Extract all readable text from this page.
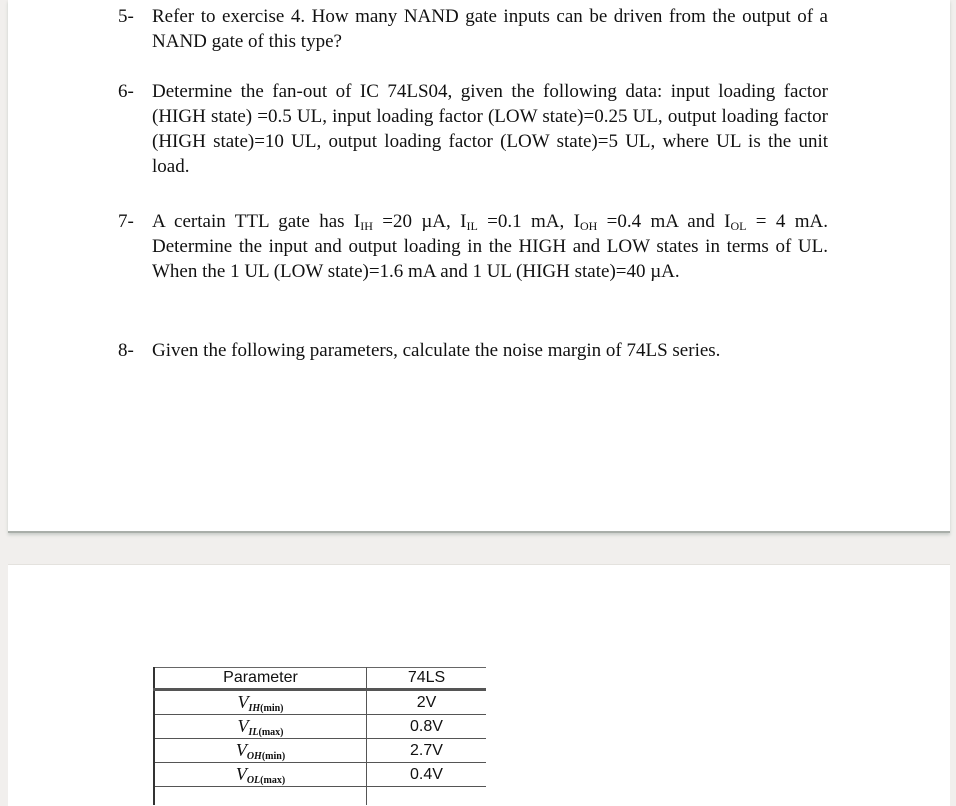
5- Refer to exercise 4. How many NAND gate inputs can be driven from the output of a NAND gate of this type?
6- Determine the fan-out of IC 74LS04, given the following data: input loading factor (HIGH state) =0.5 UL, input loading factor (LOW state)=0.25 UL, output loading factor (HIGH state)=10 UL, output loading factor (LOW state)=5 UL, where UL is the unit load.
7- A certain TTL gate has $I_{IH} =20$ µA, $I_{IL} =0.1$ mA, $I_{OH} =0.4$ mA and $I_{OL} = 4$ mA. Determine the input and output loading in the HIGH and LOW states in terms of UL. When the 1 UL (LOW state)=1.6 mA and 1 UL (HIGH state)=40 µA.
8- Given the following parameters, calculate the noise margin of 74LS series.
Parameter	74LS
$V_{IH(min)}$	2V
$V_{IL(max)}$	0.8V
$V_{OH(min)}$	2.7V
$V_{OL(max)}$	0.4V
